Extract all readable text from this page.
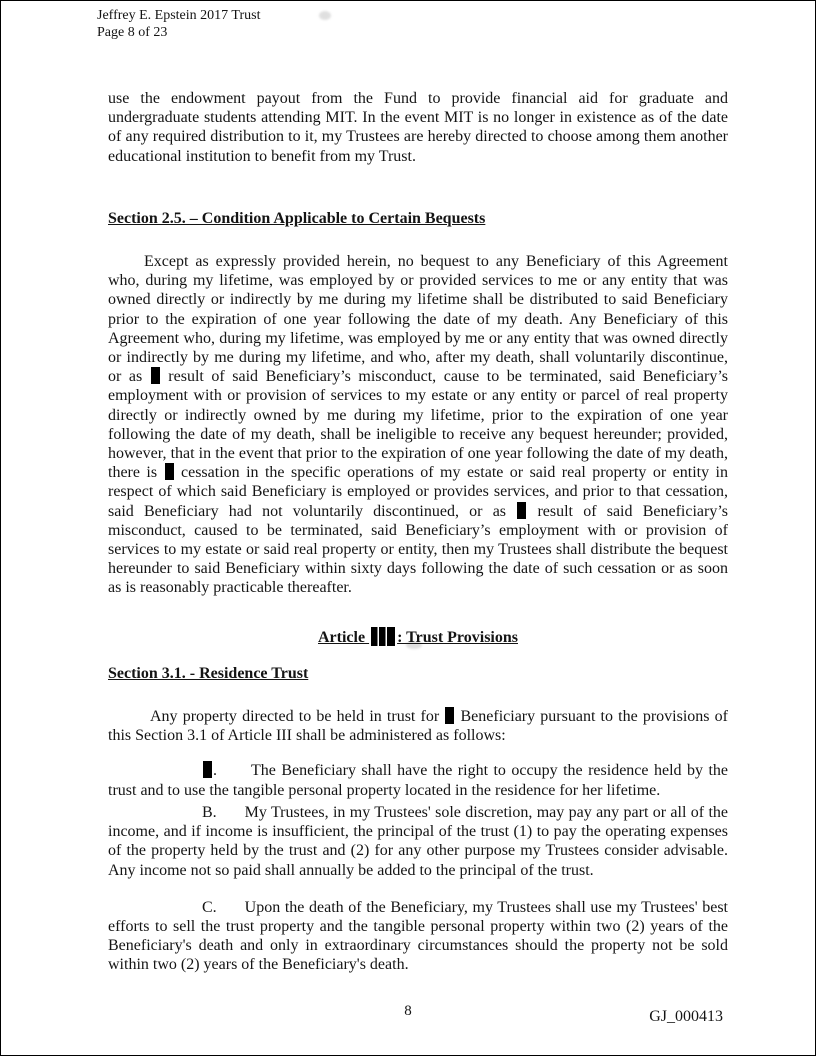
Jeffrey E. Epstein 2017 Trust
Page 8 of 23

use the endowment payout from the Fund to provide financial aid for graduate and undergraduate students attending MIT. In the event MIT is no longer in existence as of the date of any required distribution to it, my Trustees are hereby directed to choose among them another educational institution to benefit from my Trust.

Section 2.5. – Condition Applicable to Certain Bequests

Except as expressly provided herein, no bequest to any Beneficiary of this Agreement who, during my lifetime, was employed by or provided services to me or any entity that was owned directly or indirectly by me during my lifetime shall be distributed to said Beneficiary prior to the expiration of one year following the date of my death. Any Beneficiary of this Agreement who, during my lifetime, was employed by me or any entity that was owned directly or indirectly by me during my lifetime, and who, after my death, shall voluntarily discontinue, or as  result of said Beneficiary’s misconduct, cause to be terminated, said Beneficiary’s employment with or provision of services to my estate or any entity or parcel of real property directly or indirectly owned by me during my lifetime, prior to the expiration of one year following the date of my death, shall be ineligible to receive any bequest hereunder; provided, however, that in the event that prior to the expiration of one year following the date of my death, there is  cessation in the specific operations of my estate or said real property or entity in respect of which said Beneficiary is employed or provides services, and prior to that cessation, said Beneficiary had not voluntarily discontinued, or as  result of said Beneficiary’s misconduct, caused to be terminated, said Beneficiary’s employment with or provision of services to my estate or said real property or entity, then my Trustees shall distribute the bequest hereunder to said Beneficiary within sixty days following the date of such cessation or as soon as is reasonably practicable thereafter.

Article : Trust Provisions

Section 3.1. - Residence Trust

Any property directed to be held in trust for  Beneficiary pursuant to the provisions of this Section 3.1 of Article III shall be administered as follows:

. The Beneficiary shall have the right to occupy the residence held by the trust and to use the tangible personal property located in the residence for her lifetime.

B. My Trustees, in my Trustees' sole discretion, may pay any part or all of the income, and if income is insufficient, the principal of the trust (1) to pay the operating expenses of the property held by the trust and (2) for any other purpose my Trustees consider advisable. Any income not so paid shall annually be added to the principal of the trust.

C. Upon the death of the Beneficiary, my Trustees shall use my Trustees' best efforts to sell the trust property and the tangible personal property within two (2) years of the Beneficiary's death and only in extraordinary circumstances should the property not be sold within two (2) years of the Beneficiary's death.

8	GJ_000413
